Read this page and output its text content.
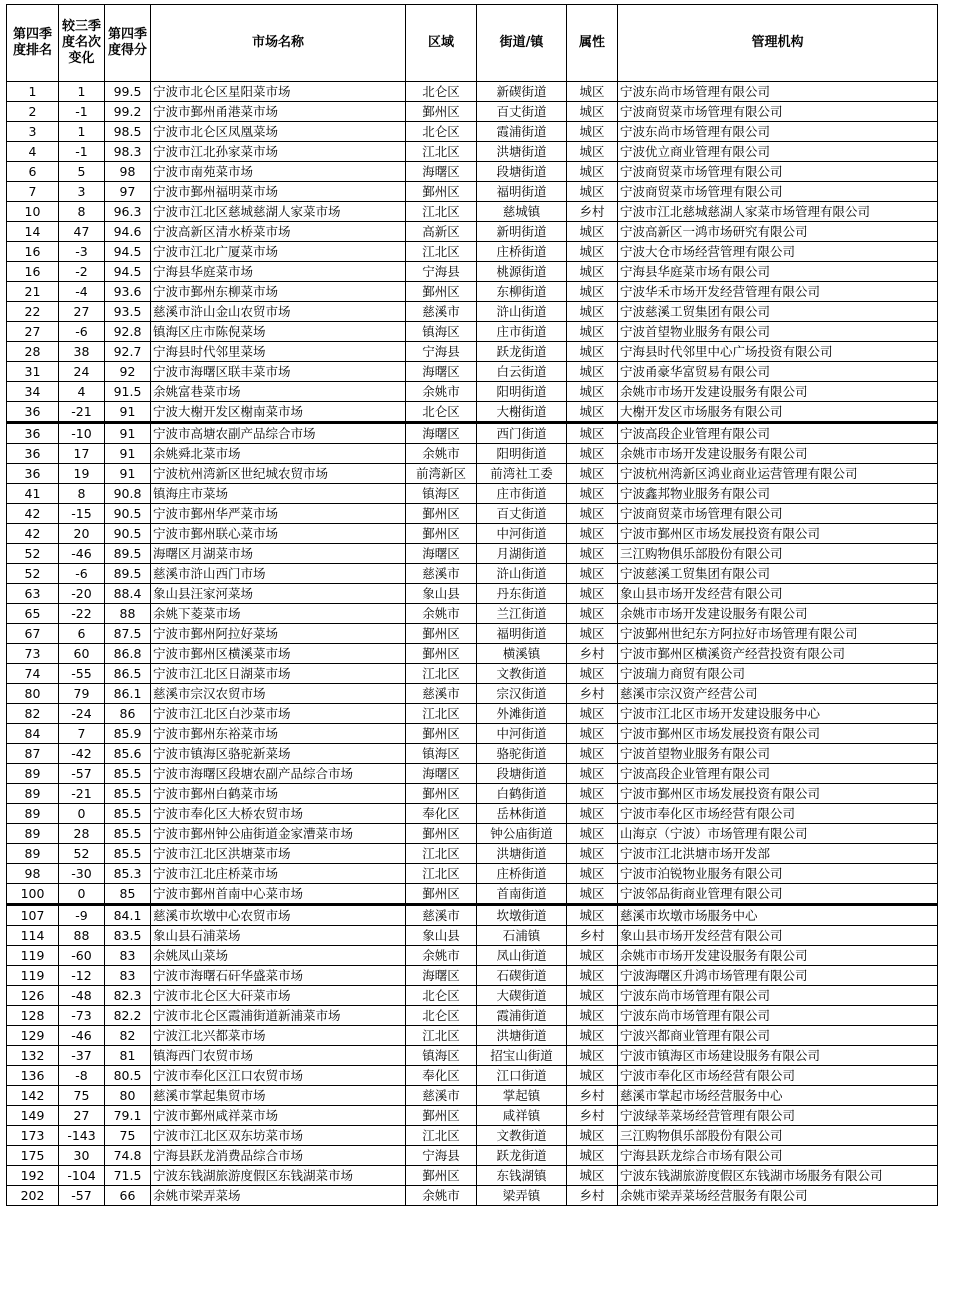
第四季度排名	较三季度名次变化	第四季度得分	市场名称	区域	街道/镇	属性	管理机构
1	1	99.5	宁波市北仑区星阳菜市场	北仑区	新碶街道	城区	宁波东尚市场管理有限公司
2	-1	99.2	宁波市鄞州甬港菜市场	鄞州区	百丈街道	城区	宁波商贸菜市场管理有限公司
3	1	98.5	宁波市北仑区凤凰菜场	北仑区	霞浦街道	城区	宁波东尚市场管理有限公司
4	-1	98.3	宁波市江北孙家菜市场	江北区	洪塘街道	城区	宁波优立商业管理有限公司
6	5	98	宁波市南苑菜市场	海曙区	段塘街道	城区	宁波商贸菜市场管理有限公司
7	3	97	宁波市鄞州福明菜市场	鄞州区	福明街道	城区	宁波商贸菜市场管理有限公司
10	8	96.3	宁波市江北区慈城慈湖人家菜市场	江北区	慈城镇	乡村	宁波市江北慈城慈湖人家菜市场管理有限公司
14	47	94.6	宁波高新区清水桥菜市场	高新区	新明街道	城区	宁波高新区一鸿市场研究有限公司
16	-3	94.5	宁波市江北广厦菜市场	江北区	庄桥街道	城区	宁波大仓市场经营管理有限公司
16	-2	94.5	宁海县华庭菜市场	宁海县	桃源街道	城区	宁海县华庭菜市场有限公司
21	-4	93.6	宁波市鄞州东柳菜市场	鄞州区	东柳街道	城区	宁波华禾市场开发经营管理有限公司
22	27	93.5	慈溪市浒山金山农贸市场	慈溪市	浒山街道	城区	宁波慈溪工贸集团有限公司
27	-6	92.8	镇海区庄市陈倪菜场	镇海区	庄市街道	城区	宁波首望物业服务有限公司
28	38	92.7	宁海县时代邻里菜场	宁海县	跃龙街道	城区	宁海县时代邻里中心广场投资有限公司
31	24	92	宁波市海曙区联丰菜市场	海曙区	白云街道	城区	宁波甬豪华富贸易有限公司
34	4	91.5	余姚富巷菜市场	余姚市	阳明街道	城区	余姚市市场开发建设服务有限公司
36	-21	91	宁波大榭开发区榭南菜市场	北仑区	大榭街道	城区	大榭开发区市场服务有限公司
36	-10	91	宁波市高塘农副产品综合市场	海曙区	西门街道	城区	宁波高段企业管理有限公司
36	17	91	余姚舜北菜市场	余姚市	阳明街道	城区	余姚市市场开发建设服务有限公司
36	19	91	宁波杭州湾新区世纪城农贸市场	前湾新区	前湾社工委	城区	宁波杭州湾新区鸿业商业运营管理有限公司
41	8	90.8	镇海庄市菜场	镇海区	庄市街道	城区	宁波鑫邦物业服务有限公司
42	-15	90.5	宁波市鄞州华严菜市场	鄞州区	百丈街道	城区	宁波商贸菜市场管理有限公司
42	20	90.5	宁波市鄞州联心菜市场	鄞州区	中河街道	城区	宁波市鄞州区市场发展投资有限公司
52	-46	89.5	海曙区月湖菜市场	海曙区	月湖街道	城区	三江购物俱乐部股份有限公司
52	-6	89.5	慈溪市浒山西门市场	慈溪市	浒山街道	城区	宁波慈溪工贸集团有限公司
63	-20	88.4	象山县汪家河菜场	象山县	丹东街道	城区	象山县市场开发经营有限公司
65	-22	88	余姚下菱菜市场	余姚市	兰江街道	城区	余姚市市场开发建设服务有限公司
67	6	87.5	宁波市鄞州阿拉好菜场	鄞州区	福明街道	城区	宁波鄞州世纪东方阿拉好市场管理有限公司
73	60	86.8	宁波市鄞州区横溪菜市场	鄞州区	横溪镇	乡村	宁波市鄞州区横溪资产经营投资有限公司
74	-55	86.5	宁波市江北区日湖菜市场	江北区	文教街道	城区	宁波瑞力商贸有限公司
80	79	86.1	慈溪市宗汉农贸市场	慈溪市	宗汉街道	乡村	慈溪市宗汉资产经营公司
82	-24	86	宁波市江北区白沙菜市场	江北区	外滩街道	城区	宁波市江北区市场开发建设服务中心
84	7	85.9	宁波市鄞州东裕菜市场	鄞州区	中河街道	城区	宁波市鄞州区市场发展投资有限公司
87	-42	85.6	宁波市镇海区骆驼新菜场	镇海区	骆驼街道	城区	宁波首望物业服务有限公司
89	-57	85.5	宁波市海曙区段塘农副产品综合市场	海曙区	段塘街道	城区	宁波高段企业管理有限公司
89	-21	85.5	宁波市鄞州白鹤菜市场	鄞州区	白鹤街道	城区	宁波市鄞州区市场发展投资有限公司
89	0	85.5	宁波市奉化区大桥农贸市场	奉化区	岳林街道	城区	宁波市奉化区市场经营有限公司
89	28	85.5	宁波市鄞州钟公庙街道金家漕菜市场	鄞州区	钟公庙街道	城区	山海京（宁波）市场管理有限公司
89	52	85.5	宁波市江北区洪塘菜市场	江北区	洪塘街道	城区	宁波市江北洪塘市场开发部
98	-30	85.3	宁波市江北庄桥菜市场	江北区	庄桥街道	城区	宁波市泊锐物业服务有限公司
100	0	85	宁波市鄞州首南中心菜市场	鄞州区	首南街道	城区	宁波邻品街商业管理有限公司
107	-9	84.1	慈溪市坎墩中心农贸市场	慈溪市	坎墩街道	城区	慈溪市坎墩市场服务中心
114	88	83.5	象山县石浦菜场	象山县	石浦镇	乡村	象山县市场开发经营有限公司
119	-60	83	余姚凤山菜场	余姚市	凤山街道	城区	余姚市市场开发建设服务有限公司
119	-12	83	宁波市海曙石矸华盛菜市场	海曙区	石碶街道	城区	宁波海曙区升鸿市场管理有限公司
126	-48	82.3	宁波市北仑区大矸菜市场	北仑区	大碶街道	城区	宁波东尚市场管理有限公司
128	-73	82.2	宁波市北仑区霞浦街道新浦菜市场	北仑区	霞浦街道	城区	宁波东尚市场管理有限公司
129	-46	82	宁波江北兴都菜市场	江北区	洪塘街道	城区	宁波兴都商业管理有限公司
132	-37	81	镇海西门农贸市场	镇海区	招宝山街道	城区	宁波市镇海区市场建设服务有限公司
136	-8	80.5	宁波市奉化区江口农贸市场	奉化区	江口街道	城区	宁波市奉化区市场经营有限公司
142	75	80	慈溪市掌起集贸市场	慈溪市	掌起镇	乡村	慈溪市掌起市场经营服务中心
149	27	79.1	宁波市鄞州咸祥菜市场	鄞州区	咸祥镇	乡村	宁波绿莘菜场经营管理有限公司
173	-143	75	宁波市江北区双东坊菜市场	江北区	文教街道	城区	三江购物俱乐部股份有限公司
175	30	74.8	宁海县跃龙消费品综合市场	宁海县	跃龙街道	城区	宁海县跃龙综合市场有限公司
192	-104	71.5	宁波东钱湖旅游度假区东钱湖菜市场	鄞州区	东钱湖镇	城区	宁波东钱湖旅游度假区东钱湖市场服务有限公司
202	-57	66	余姚市梁弄菜场	余姚市	梁弄镇	乡村	余姚市梁弄菜场经营服务有限公司
